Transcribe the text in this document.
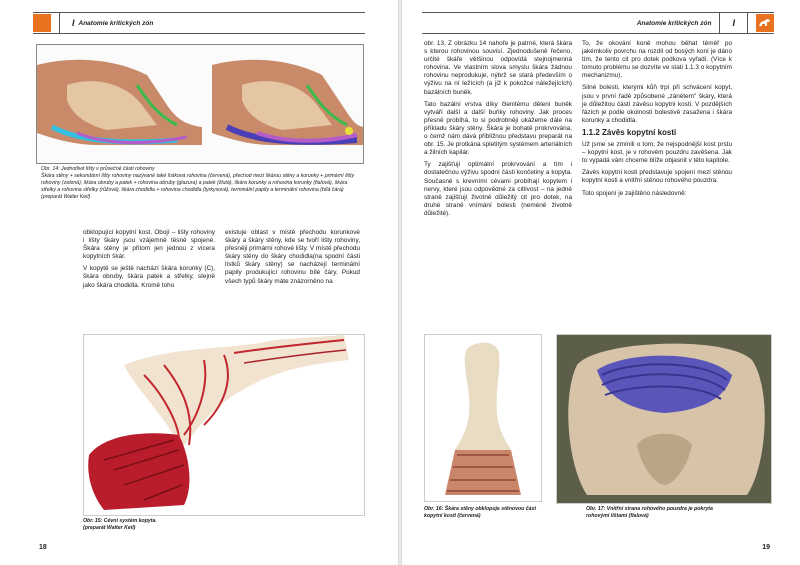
I Anatomie kritických zón
Obr. 14: Jednotlivé lišty v průsečné části rohoviny
Škára stěny + sekundární lišty rohoviny nazývané také lístková rohovina (červená), přechod mezi škárou stěny a korunky + primární lišty rohoviny (zelená), škára obruby a patek + rohovina obruby (glazura) a patek (žlutá), škára korunky a rohovina korunky (fialová), škára střelky a rohovina střelky (růžová), škára chodidla + rohovina chodidla (tyrkysová), terminální papily a terminální rohovina (bílá čára) (preparát Walter Keil)

obklopující kopytní kost. Obojí – lišty rohoviny i lišty škáry jsou vzájemně těsně spojené. Škára stěny je přitom jen jednou z vícera kopytních škár.

V kopytě se ještě nachází škára korunky (C), škára obruby, škára patek a střelky, stejně jako škára chodidla. Kromě toho

existuje oblast v místě přechodu korunkové škáry a škáry stěny, kde se tvoří lišty rohoviny, přesněji primární rohové lišty. V místě přechodu škáry stěny do škáry chodidla(na spodní části lístků škáry stěny) se nacházejí terminální papily produkující rohovinu bílé čáry. Pokud všech typů škáry máte znázorněno na

Obr. 15: Cévní systém kopyta.
(preparát Walter Keil)
18
Anatomie kritických zón I

obr. 13. Z obrázku 14 nahoře je patrné, která škára s kterou rohovinou souvisí. Zjednodušeně řečeno, určité škáře většinou odpovídá stejnojmenná rohovina. Ve vlastním slova smyslu škára žádnou rohovinu neprodukuje, nýbrž se stará především o výživu na ní ležících (a již k pokožce náležejících) bazálních buněk.

Tato bazální vrstva díky členitému dělení buněk vytváří další a další buňky rohoviny. Jak proces přesně probíhá, to si podrobněji ukážeme dále na příkladu škáry stěny. Škára je bohatě prokrvována, o čemž nám dává přibližnou představu preparát na obr. 15. Je protkána spletitým systémem arteriálních a žilních kapilár.

Ty zajišťují optimální prokrvování a tím i dostatečnou výživu spodní části končetiny a kopyta. Současně s krevními cévami probíhají kopytem i nervy, které jsou odpovědné za citlivost – na jedné straně zajišťují životně důležitý cit pro dotek, na druhé straně vnímání bolesti (neméně životně důležité).

To, že okování koně mohou běhat téměř po jakémkoliv povrchu na rozdíl od bosých koní je dáno tím, že tento cit pro dotek podkova vyřadí. (Více k tomuto problému se dozvíte ve stati 1.1.3 o kopytním mechanizmu).

Silné bolesti, kterými kůň trpí při schvácení kopyt, jsou v první řadě způsobené „zánětem" škáry, která je důležitou částí závěsu kopytní kosti. V pozdějších fázích je podle okolností bolestivě zasažena i škára korunky a chodidla.

1.1.2 Závěs kopytní kosti

Už jsme se zmínili o tom, že nejspodnější kost prstu – kopytní kost, je v rohovém pouzdru zavěšena. Jak to vypadá vám chceme blíže objasnit v této kapitole.

Závěs kopytní kosti představuje spojení mezi stěnou kopytní kosti a vnitřní stěnou rohového pouzdra.

Toto spojení je zajištěno následovně:

Obr. 16: Škára stěny obklopuje stěnovou část kopytní kosti (červená)
Obr. 17: Vnitřní strana rohového pouzdra je pokryta rohovými lištami (fialová)
19
